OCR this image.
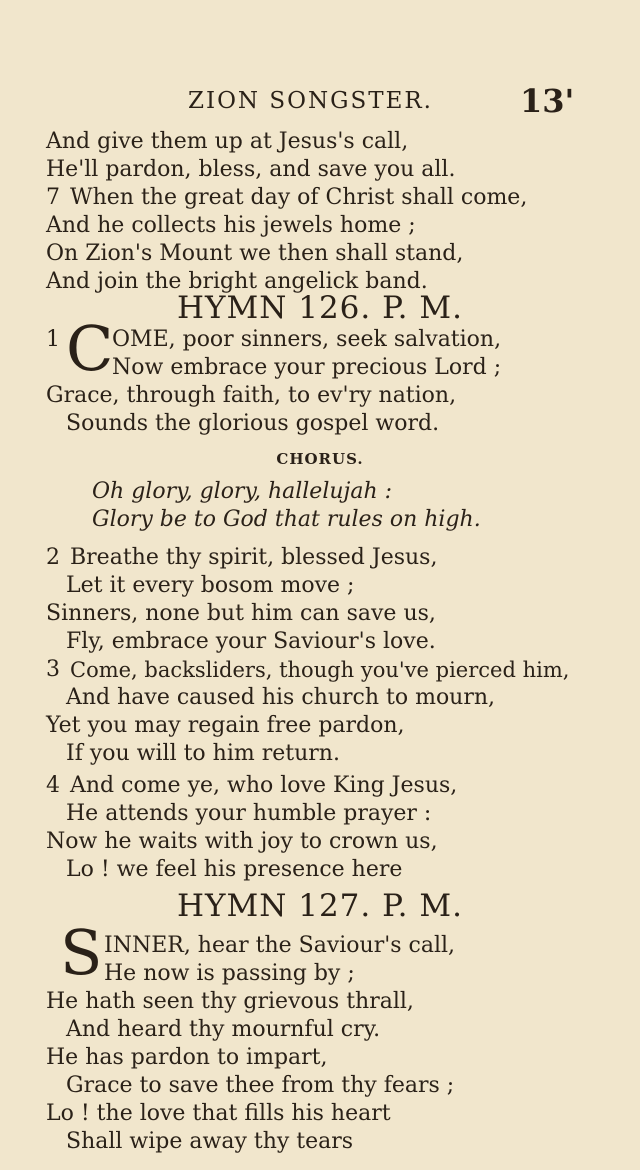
ZION SONGSTER.	13'
And give them up at Jesus's call,
He'll pardon, bless, and save you all.
7 When the great day of Christ shall come,
And he collects his jewels home ;
On Zion's Mount we then shall stand,
And join the bright angelick band.
HYMN 126. P. M.
1 C
OME, poor sinners, seek salvation,
Now embrace your precious Lord ;
Grace, through faith, to ev'ry nation,
Sounds the glorious gospel word.
CHORUS.
Oh glory, glory, hallelujah :
Glory be to God that rules on high.
2 Breathe thy spirit, blessed Jesus,
Let it every bosom move ;
Sinners, none but him can save us,
Fly, embrace your Saviour's love.
3 Come, backsliders, though you've pierced him,
And have caused his church to mourn,
Yet you may regain free pardon,
If you will to him return.
4 And come ye, who love King Jesus,
He attends your humble prayer :
Now he waits with joy to crown us,
Lo ! we feel his presence here
HYMN 127. P. M.
S INNER, hear the Saviour's call,
He now is passing by ;
He hath seen thy grievous thrall,
And heard thy mournful cry.
He has pardon to impart,
Grace to save thee from thy fears ;
Lo ! the love that fills his heart
Shall wipe away thy tears
